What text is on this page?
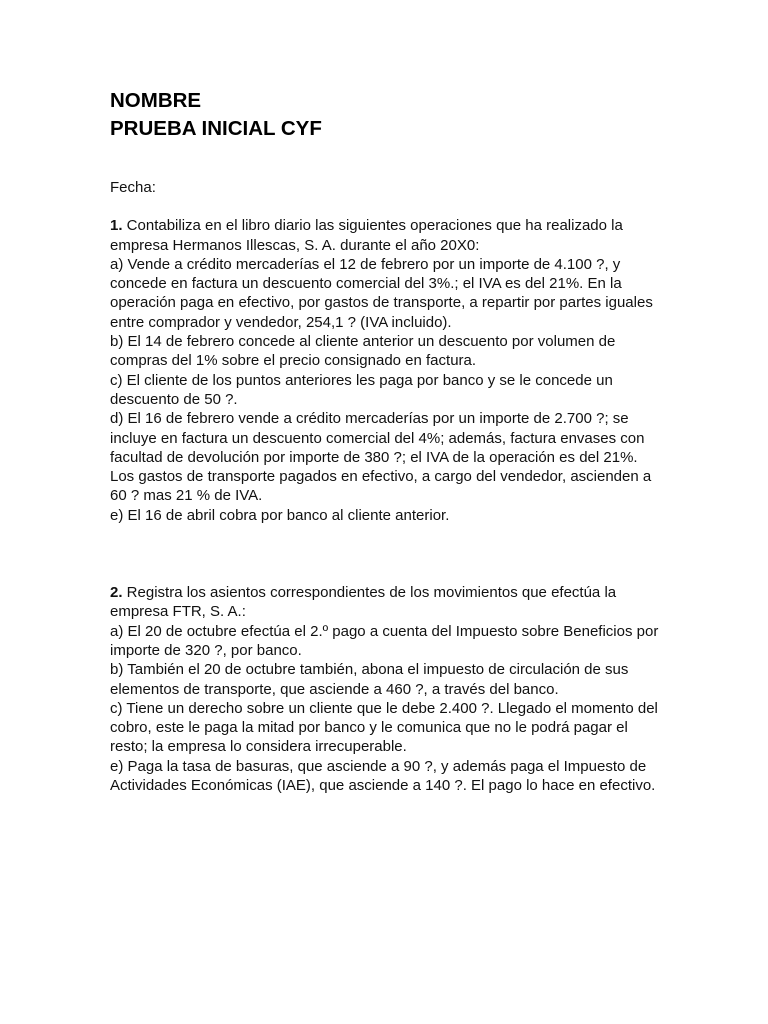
NOMBRE
PRUEBA INICIAL CYF
Fecha:

1. Contabiliza en el libro diario las siguientes operaciones que ha realizado la empresa Hermanos Illescas, S. A. durante el año 20X0:

a) Vende a crédito mercaderías el 12 de febrero por un importe de 4.100 ?, y concede en factura un descuento comercial del 3%.; el IVA es del 21%. En la operación paga en efectivo, por gastos de transporte, a repartir por partes iguales entre comprador y vendedor, 254,1 ? (IVA incluido).

b) El 14 de febrero concede al cliente anterior un descuento por volumen de compras del 1% sobre el precio consignado en factura.

c) El cliente de los puntos anteriores les paga por banco y se le concede un descuento de 50 ?.

d) El 16 de febrero vende a crédito mercaderías por un importe de 2.700 ?; se incluye en factura un descuento comercial del 4%; además, factura envases con facultad de devolución por importe de 380 ?; el IVA de la operación es del 21%. Los gastos de transporte pagados en efectivo, a cargo del vendedor, ascienden a 60 ? mas 21 % de IVA.

e) El 16 de abril cobra por banco al cliente anterior.

2. Registra los asientos correspondientes de los movimientos que efectúa la empresa FTR, S. A.:

a) El 20 de octubre efectúa el 2.º pago a cuenta del Impuesto sobre Beneficios por importe de 320 ?, por banco.

b) También el 20 de octubre también, abona el impuesto de circulación de sus elementos de transporte, que asciende a 460 ?, a través del banco.

c) Tiene un derecho sobre un cliente que le debe 2.400 ?. Llegado el momento del cobro, este le paga la mitad por banco y le comunica que no le podrá pagar el resto; la empresa lo considera irrecuperable.

e) Paga la tasa de basuras, que asciende a 90 ?, y además paga el Impuesto de Actividades Económicas (IAE), que asciende a 140 ?. El pago lo hace en efectivo.
